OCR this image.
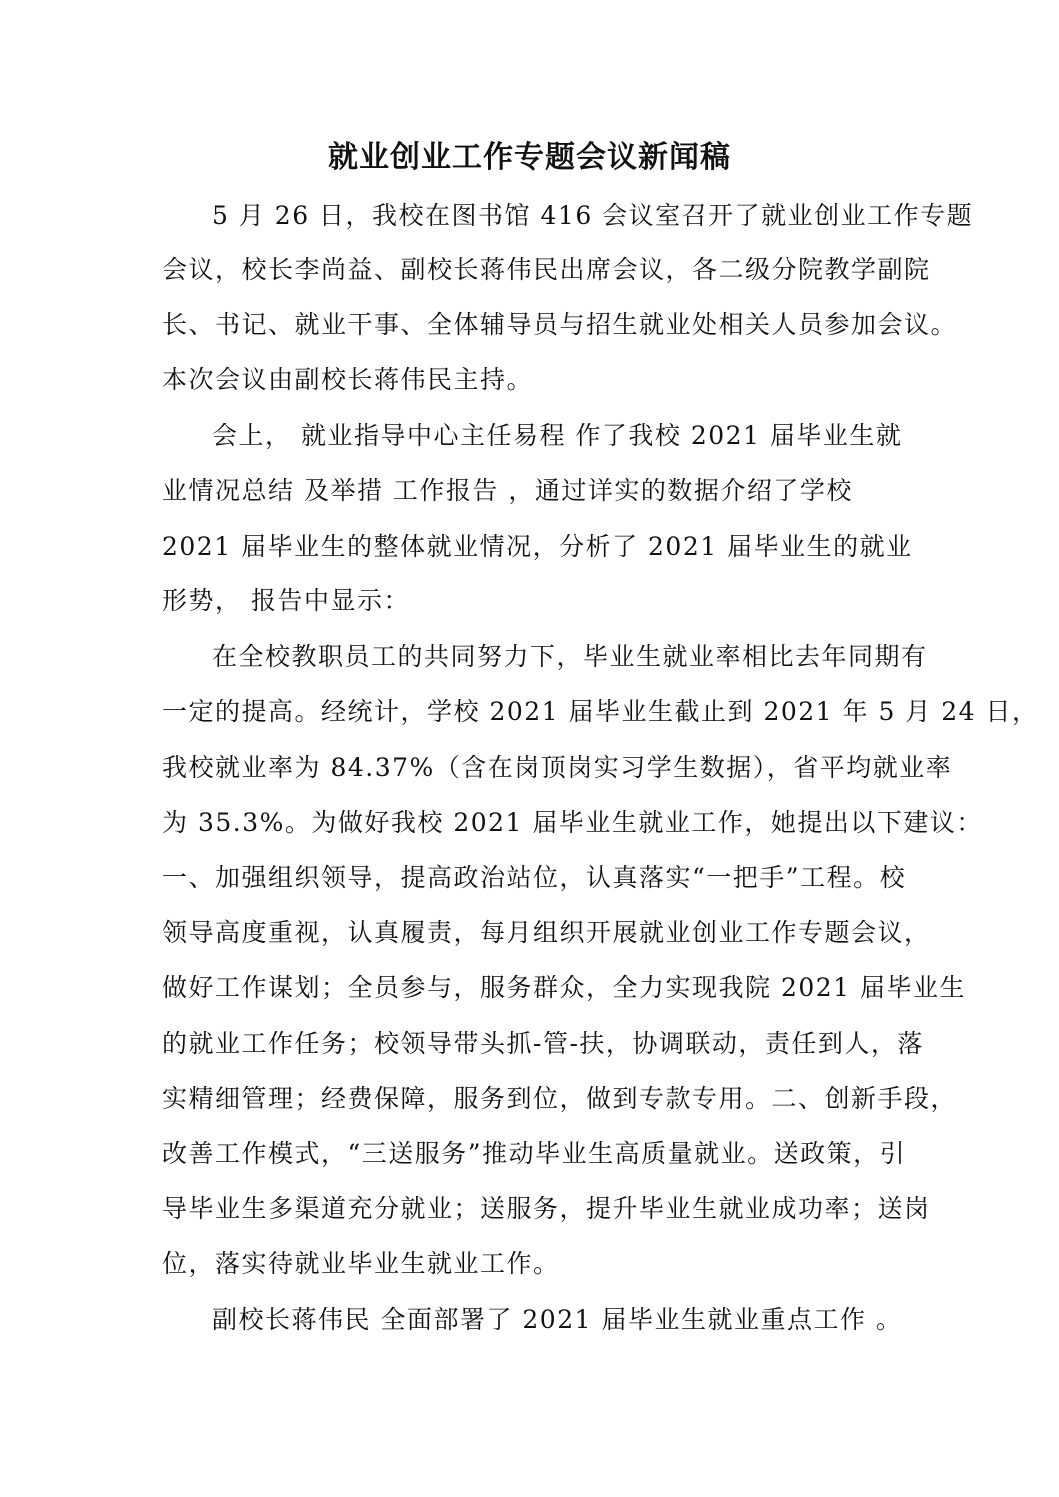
就业创业工作专题会议新闻稿

5 月 26 日，我校在图书馆 416 会议室召开了就业创业工作专题

会议，校长李尚益、副校长蒋伟民出席会议，各二级分院教学副院

长、书记、就业干事、全体辅导员与招生就业处相关人员参加会议。

本次会议由副校长蒋伟民主持。

会上， 就业指导中心主任易程 作了我校 2021 届毕业生就

业情况总结 及举措 工作报告 ，通过详实的数据介绍了学校

2021 届毕业生的整体就业情况，分析了 2021 届毕业生的就业

形势， 报告中显示：

在全校教职员工的共同努力下，毕业生就业率相比去年同期有

一定的提高。经统计，学校 2021 届毕业生截止到 2021 年 5 月 24 日，

我校就业率为 84.37%（含在岗顶岗实习学生数据），省平均就业率

为 35.3%。为做好我校 2021 届毕业生就业工作，她提出以下建议：

一、加强组织领导，提高政治站位，认真落实“一把手”工程。校

领导高度重视，认真履责，每月组织开展就业创业工作专题会议，

做好工作谋划；全员参与，服务群众，全力实现我院 2021 届毕业生

的就业工作任务；校领导带头抓-管-扶，协调联动，责任到人，落

实精细管理；经费保障，服务到位，做到专款专用。二、创新手段，

改善工作模式，“三送服务”推动毕业生高质量就业。送政策，引

导毕业生多渠道充分就业；送服务，提升毕业生就业成功率；送岗

位，落实待就业毕业生就业工作。

副校长蒋伟民 全面部署了 2021 届毕业生就业重点工作 。
